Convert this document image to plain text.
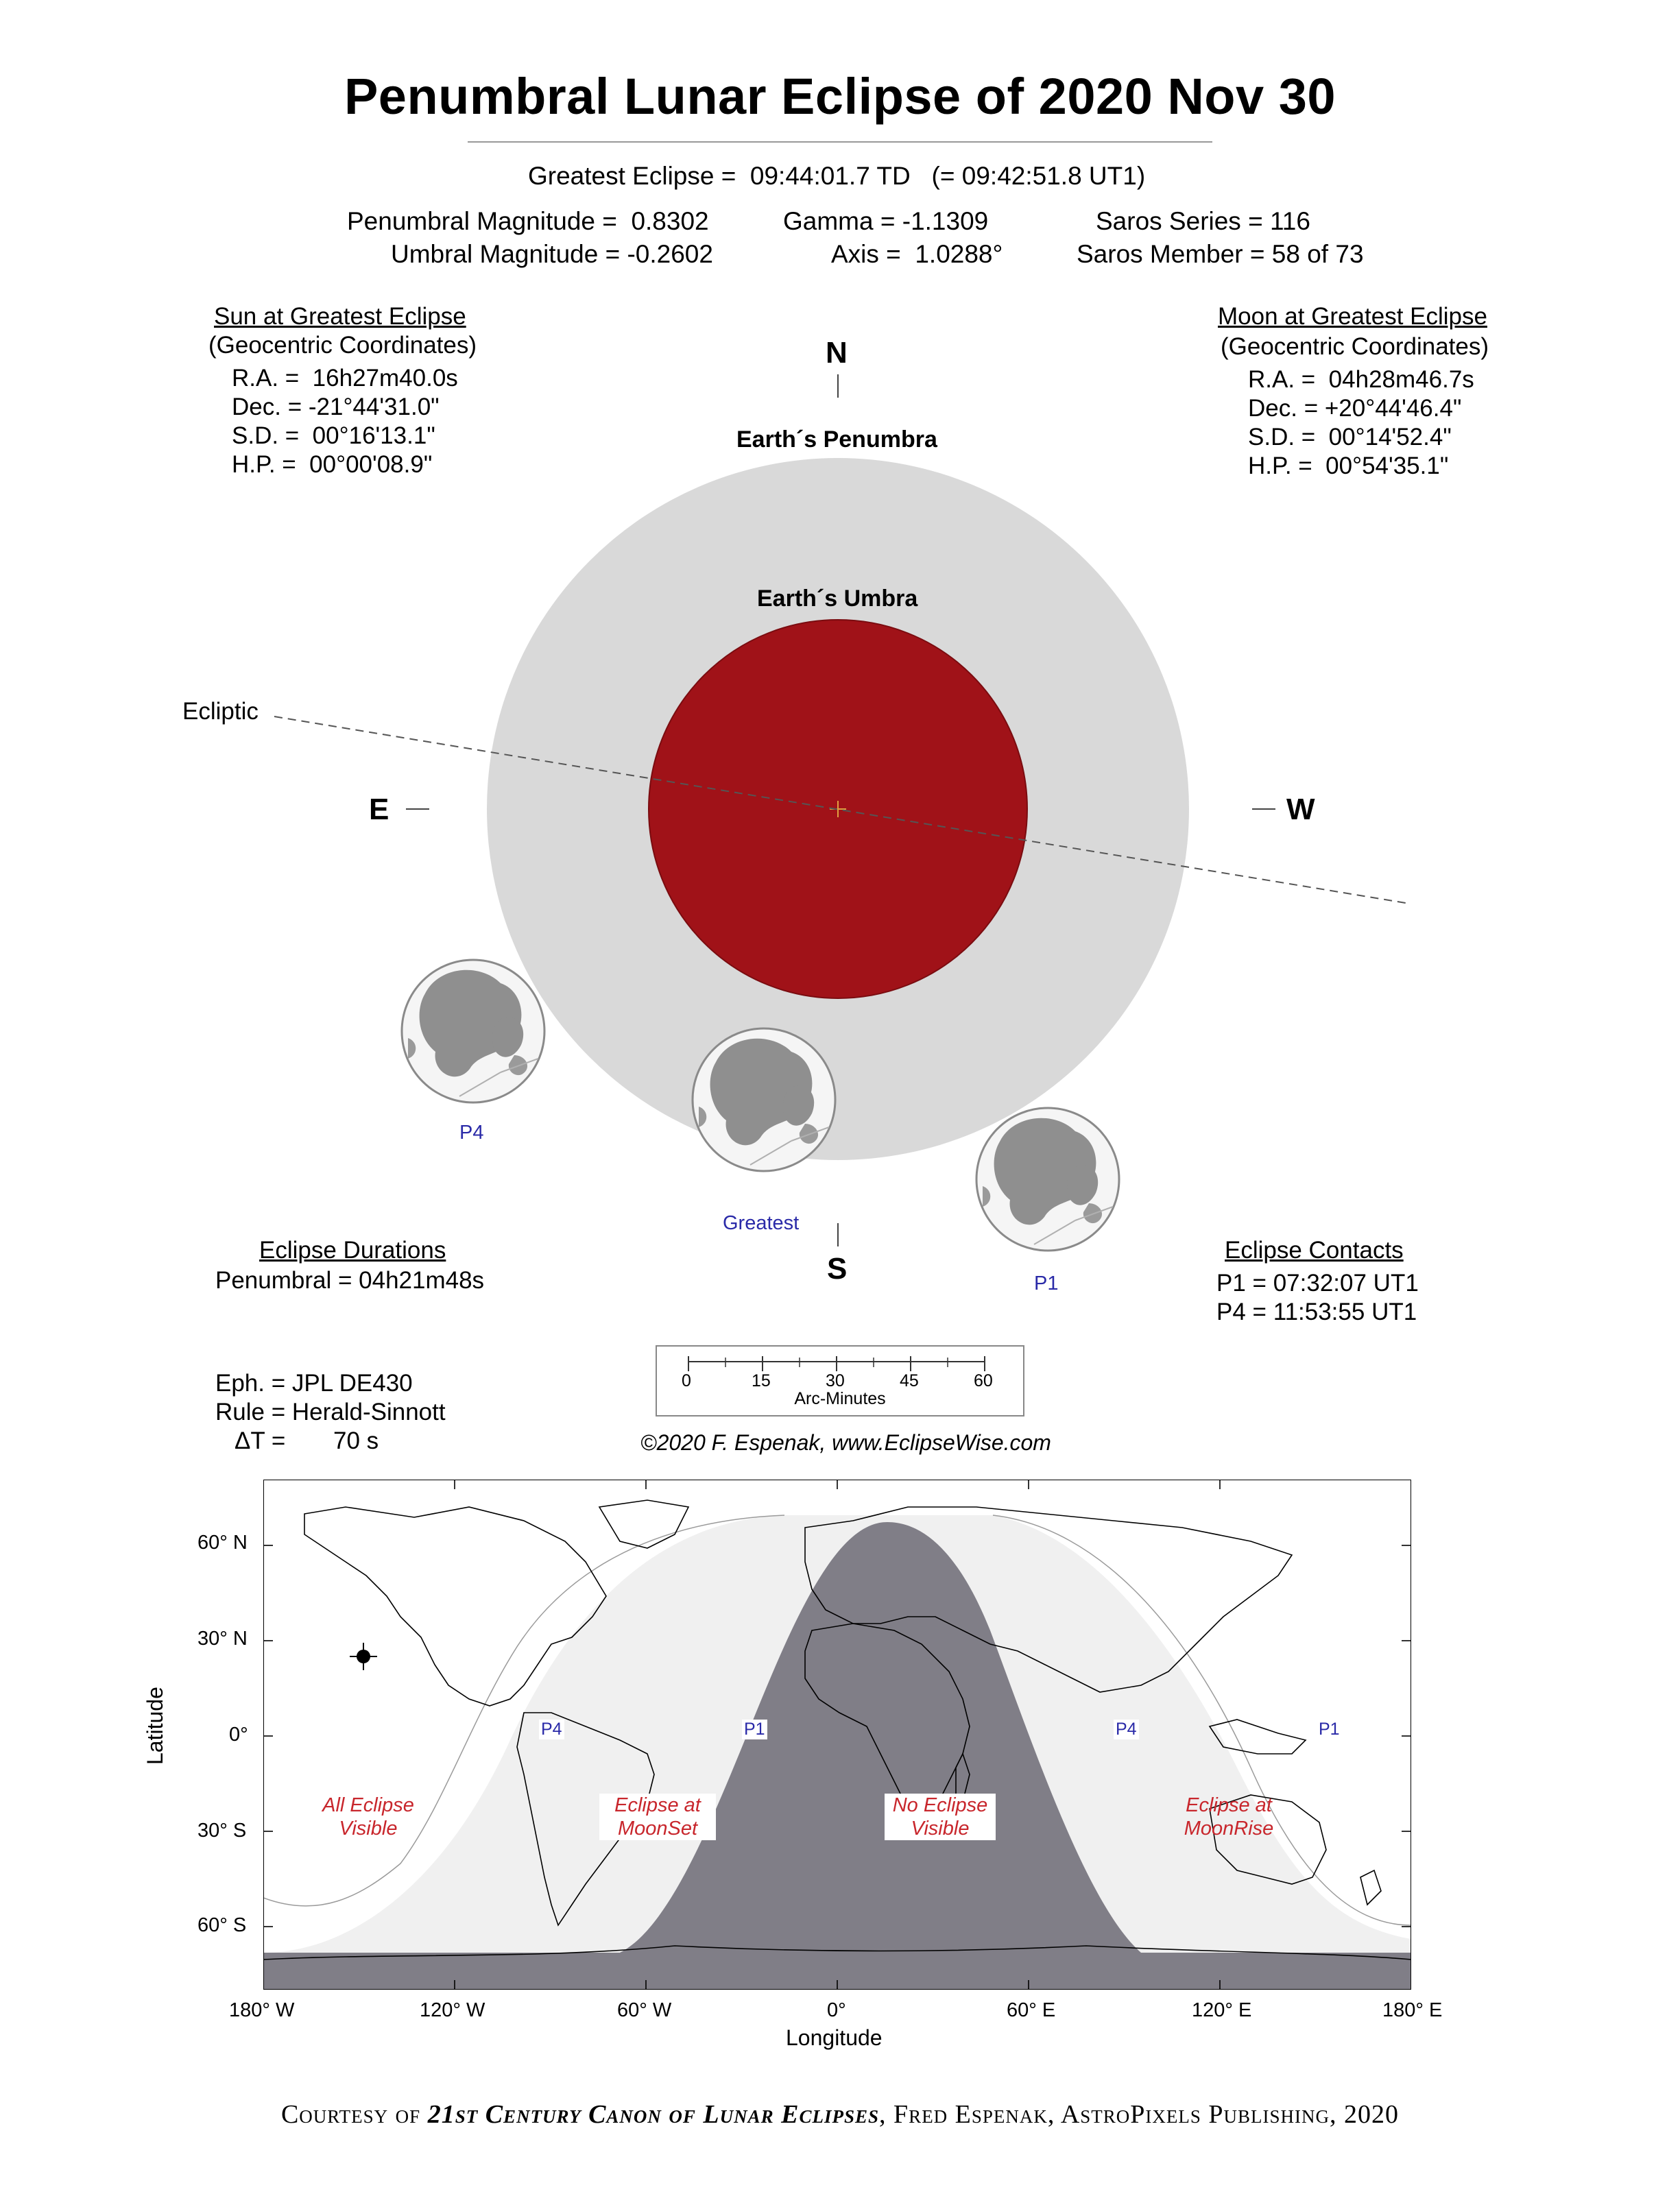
Penumbral Lunar Eclipse of 2020 Nov 30
Greatest Eclipse =  09:44:01.7 TD   (= 09:42:51.8 UT1)
Penumbral Magnitude =  0.8302
Umbral Magnitude = -0.2602
Gamma = -1.1309
Axis =  1.0288°
Saros Series = 116
Saros Member = 58 of 73
Sun at Greatest Eclipse
(Geocentric Coordinates)
R.A. =  16h27m40.0s
Dec. = -21°44'31.0"
S.D. =  00°16'13.1"
H.P. =  00°00'08.9"
Moon at Greatest Eclipse
(Geocentric Coordinates)
R.A. =  04h28m46.7s
Dec. = +20°44'46.4"
S.D. =  00°14'52.4"
H.P. =  00°54'35.1"
N
S
E	W
Earth´s Penumbra
Earth´s Umbra
Ecliptic
P4
Greatest
P1
Eclipse Durations
Penumbral = 04h21m48s
Eclipse Contacts
P1 = 07:32:07 UT1
P4 = 11:53:55 UT1
Eph. = JPL DE430
Rule = Herald-Sinnott
ΔT = 70 s
0	15	30	45	60
Arc-Minutes
©2020 F. Espenak, www.EclipseWise.com
60° N
30° N
0°
30° S
60° S
180° W	120° W	60° W	0°	60° E	120° E	180° E
Longitude
Latitude
All Eclipse
Visible
Eclipse at
MoonSet
No Eclipse
Visible
Eclipse at
MoonRise
P4	P1	P4	P1
Courtesy of 21st Century Canon of Lunar Eclipses, Fred Espenak, AstroPixels Publishing, 2020
